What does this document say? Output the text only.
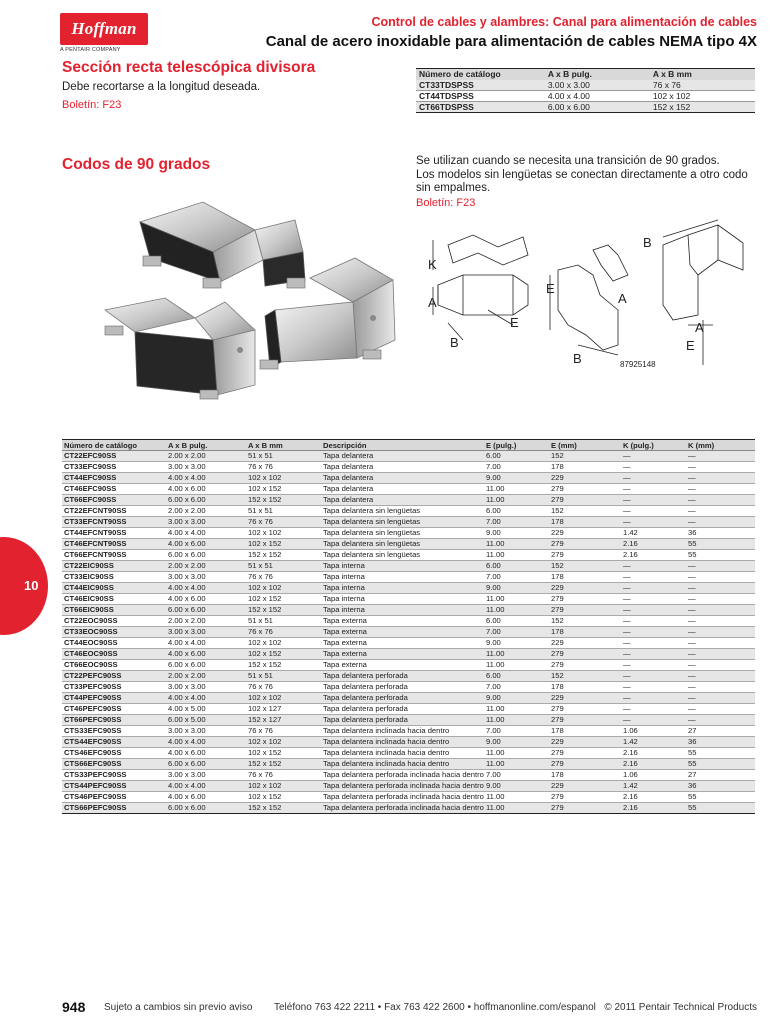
Hoffman
A PENTAIR COMPANY
Control de cables y alambres: Canal para alimentación de cables
Canal de acero inoxidable para alimentación de cables NEMA tipo 4X
Sección recta telescópica divisora
Debe recortarse a la longitud deseada.
Boletín: F23
Número de catálogo	A x B pulg.	A x B mm
CT33TDSPSS	3.00 x 3.00	76 x 76
CT44TDSPSS	4.00 x 4.00	102 x 102
CT66TDSPSS	6.00 x 6.00	152 x 152
Codos de 90 grados	Se utilizan cuando se necesita una transición de 90 grados.
Los modelos sin lengüetas se conectan directamente a otro codo
sin empalmes.
Boletín: F23
K
A
B
E
E
A
B
B
A
E
87925148
Número de catálogo	A x B pulg.	A x B mm	Descripción	E (pulg.)	E (mm)	K (pulg.)	K (mm)
CT22EFC90SS	2.00 x 2.00	51 x 51	Tapa delantera	6.00	152	—	—
CT33EFC90SS	3.00 x 3.00	76 x 76	Tapa delantera	7.00	178	—	—
CT44EFC90SS	4.00 x 4.00	102 x 102	Tapa delantera	9.00	229	—	—
CT46EFC90SS	4.00 x 6.00	102 x 152	Tapa delantera	11.00	279	—	—
CT66EFC90SS	6.00 x 6.00	152 x 152	Tapa delantera	11.00	279	—	—
CT22EFCNT90SS	2.00 x 2.00	51 x 51	Tapa delantera sin lengüetas	6.00	152	—	—
CT33EFCNT90SS	3.00 x 3.00	76 x 76	Tapa delantera sin lengüetas	7.00	178	—	—
CT44EFCNT90SS	4.00 x 4.00	102 x 102	Tapa delantera sin lengüetas	9.00	229	1.42	36
CT46EFCNT90SS	4.00 x 6.00	102 x 152	Tapa delantera sin lengüetas	11.00	279	2.16	55
CT66EFCNT90SS	6.00 x 6.00	152 x 152	Tapa delantera sin lengüetas	11.00	279	2.16	55
CT22EIC90SS	2.00 x 2.00	51 x 51	Tapa interna	6.00	152	—	—
CT33EIC90SS	3.00 x 3.00	76 x 76	Tapa interna	7.00	178	—	—
CT44EIC90SS	4.00 x 4.00	102 x 102	Tapa interna	9.00	229	—	—
CT46EIC90SS	4.00 x 6.00	102 x 152	Tapa interna	11.00	279	—	—
CT66EIC90SS	6.00 x 6.00	152 x 152	Tapa interna	11.00	279	—	—
CT22EOC90SS	2.00 x 2.00	51 x 51	Tapa externa	6.00	152	—	—
CT33EOC90SS	3.00 x 3.00	76 x 76	Tapa externa	7.00	178	—	—
CT44EOC90SS	4.00 x 4.00	102 x 102	Tapa externa	9.00	229	—	—
CT46EOC90SS	4.00 x 6.00	102 x 152	Tapa externa	11.00	279	—	—
CT66EOC90SS	6.00 x 6.00	152 x 152	Tapa externa	11.00	279	—	—
CT22PEFC90SS	2.00 x 2.00	51 x 51	Tapa delantera perforada	6.00	152	—	—
CT33PEFC90SS	3.00 x 3.00	76 x 76	Tapa delantera perforada	7.00	178	—	—
CT44PEFC90SS	4.00 x 4.00	102 x 102	Tapa delantera perforada	9.00	229	—	—
CT46PEFC90SS	4.00 x 5.00	102 x 127	Tapa delantera perforada	11.00	279	—	—
CT66PEFC90SS	6.00 x 5.00	152 x 127	Tapa delantera perforada	11.00	279	—	—
CTS33EFC90SS	3.00 x 3.00	76 x 76	Tapa delantera inclinada hacia dentro	7.00	178	1.06	27
CTS44EFC90SS	4.00 x 4.00	102 x 102	Tapa delantera inclinada hacia dentro	9.00	229	1.42	36
CTS46EFC90SS	4.00 x 6.00	102 x 152	Tapa delantera inclinada hacia dentro	11.00	279	2.16	55
CTS66EFC90SS	6.00 x 6.00	152 x 152	Tapa delantera inclinada hacia dentro	11.00	279	2.16	55
CTS33PEFC90SS	3.00 x 3.00	76 x 76	Tapa delantera perforada inclinada hacia dentro	7.00	178	1.06	27
CTS44PEFC90SS	4.00 x 4.00	102 x 102	Tapa delantera perforada inclinada hacia dentro	9.00	229	1.42	36
CTS46PEFC90SS	4.00 x 6.00	102 x 152	Tapa delantera perforada inclinada hacia dentro	11.00	279	2.16	55
CTS66PEFC90SS	6.00 x 6.00	152 x 152	Tapa delantera perforada inclinada hacia dentro	11.00	279	2.16	55
10
948 Sujeto a cambios sin previo aviso Teléfono 763 422 2211 • Fax 763 422 2600 • hoffmanonline.com/espanol © 2011 Pentair Technical Products
